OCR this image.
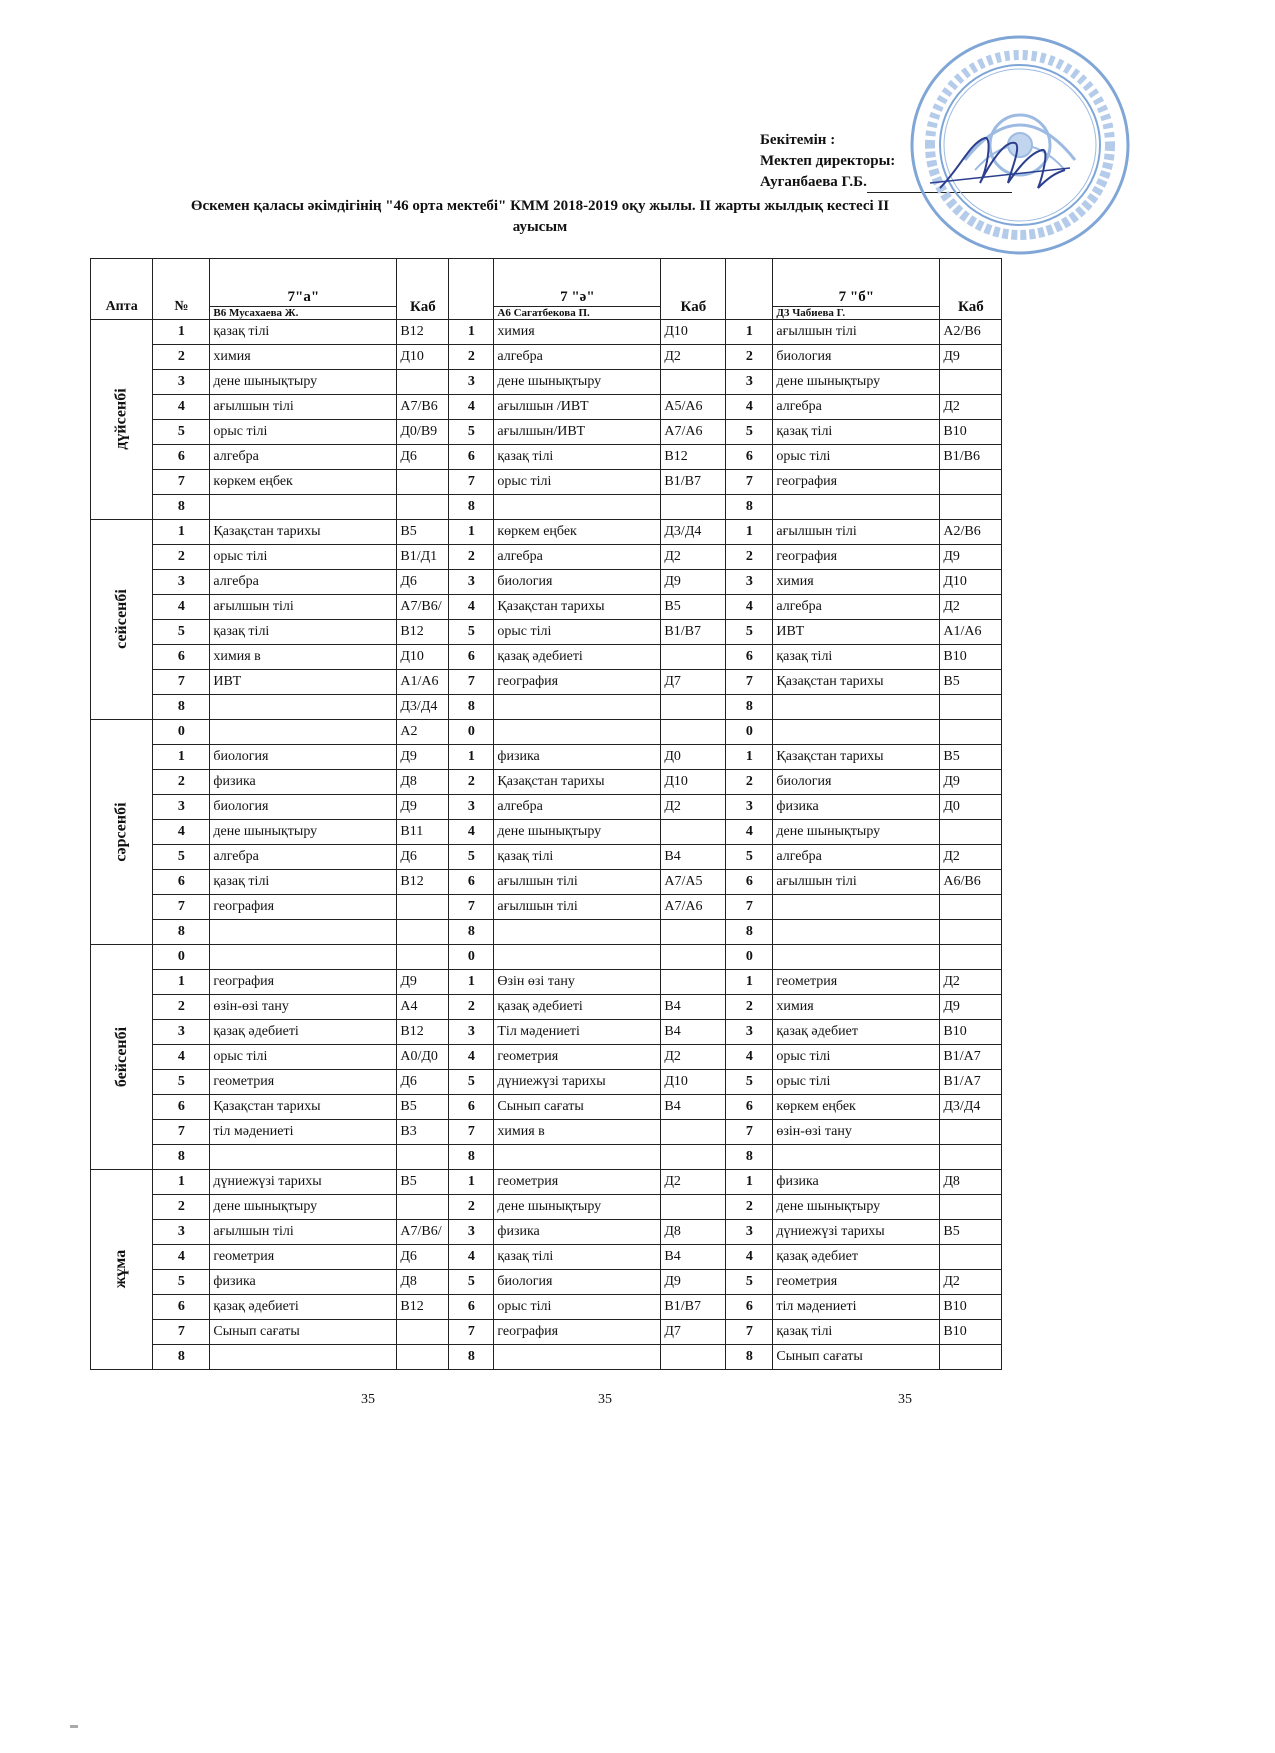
Бекітемін :
Мектеп директоры:
Ауганбаева Г.Б.
Өскемен қаласы әкімдігінің "46 орта мектебі" КММ 2018-2019 оқу жылы. II жарты жылдық кестесі II
ауысым
Апта	№	7"а"
В6 Мусахаева Ж.	Каб		7 "ә"
А6 Сагатбекова П.	Каб		7 "б"
Д3 Чабиева Г.	Каб
дүйсенбі	1	қазақ тілі	В12	1	химия	Д10	1	ағылшын тілі	А2/В6
	2	химия	Д10	2	алгебра	Д2	2	биология	Д9
	3	дене шынықтыру		3	дене шынықтыру		3	дене шынықтыру	
	4	ағылшын тілі	А7/В6	4	ағылшын /ИВТ	А5/А6	4	алгебра	Д2
	5	орыс тілі	Д0/В9	5	ағылшын/ИВТ	А7/А6	5	қазақ тілі	В10
	6	алгебра	Д6	6	қазақ тілі	В12	6	орыс тілі	В1/В6
	7	көркем еңбек		7	орыс тілі	В1/В7	7	география	
	8			8			8		
сейсенбі	1	Қазақстан тарихы	В5	1	көркем еңбек	Д3/Д4	1	ағылшын тілі	А2/В6
	2	орыс тілі	В1/Д1	2	алгебра	Д2	2	география	Д9
	3	алгебра	Д6	3	биология	Д9	3	химия	Д10
	4	ағылшын тілі	А7/В6/	4	Қазақстан тарихы	В5	4	алгебра	Д2
	5	қазақ тілі	В12	5	орыс тілі	В1/В7	5	ИВТ	А1/А6
	6	химия в	Д10	6	қазақ әдебиеті		6	қазақ тілі	В10
	7	ИВТ	А1/А6	7	география	Д7	7	Қазақстан тарихы	В5
	8		Д3/Д4	8			8		
сәрсенбі	0		А2	0			0		
	1	биология	Д9	1	физика	Д0	1	Қазақстан тарихы	В5
	2	физика	Д8	2	Қазақстан тарихы	Д10	2	биология	Д9
	3	биология	Д9	3	алгебра	Д2	3	физика	Д0
	4	дене шынықтыру	В11	4	дене шынықтыру		4	дене шынықтыру	
	5	алгебра	Д6	5	қазақ тілі	В4	5	алгебра	Д2
	6	қазақ тілі	В12	6	ағылшын тілі	А7/А5	6	ағылшын тілі	А6/В6
	7	география		7	ағылшын тілі	А7/А6	7		
	8			8			8		
бейсенбі	0			0			0		
	1	география	Д9	1	Өзін өзі тану		1	геометрия	Д2
	2	өзін-өзі тану	А4	2	қазақ әдебиеті	В4	2	химия	Д9
	3	қазақ әдебиеті	В12	3	Тіл мәдениеті	В4	3	қазақ әдебиет	В10
	4	орыс тілі	А0/Д0	4	геометрия	Д2	4	орыс тілі	В1/А7
	5	геометрия	Д6	5	дүниежүзі тарихы	Д10	5	орыс тілі	В1/А7
	6	Қазақстан тарихы	В5	6	Сынып сағаты	В4	6	көркем еңбек	Д3/Д4
	7	тіл мәдениеті	В3	7	химия в		7	өзін-өзі тану	
	8			8			8		
жұма	1	дүниежүзі тарихы	В5	1	геометрия	Д2	1	физика	Д8
	2	дене шынықтыру		2	дене шынықтыру		2	дене шынықтыру	
	3	ағылшын тілі	А7/В6/	3	физика	Д8	3	дүниежүзі тарихы	В5
	4	геометрия	Д6	4	қазақ тілі	В4	4	қазақ әдебиет	
	5	физика	Д8	5	биология	Д9	5	геометрия	Д2
	6	қазақ әдебиеті	В12	6	орыс тілі	В1/В7	6	тіл мәдениеті	В10
	7	Сынып сағаты		7	география	Д7	7	қазақ тілі	В10
	8			8			8	Сынып сағаты	
35	35	35
